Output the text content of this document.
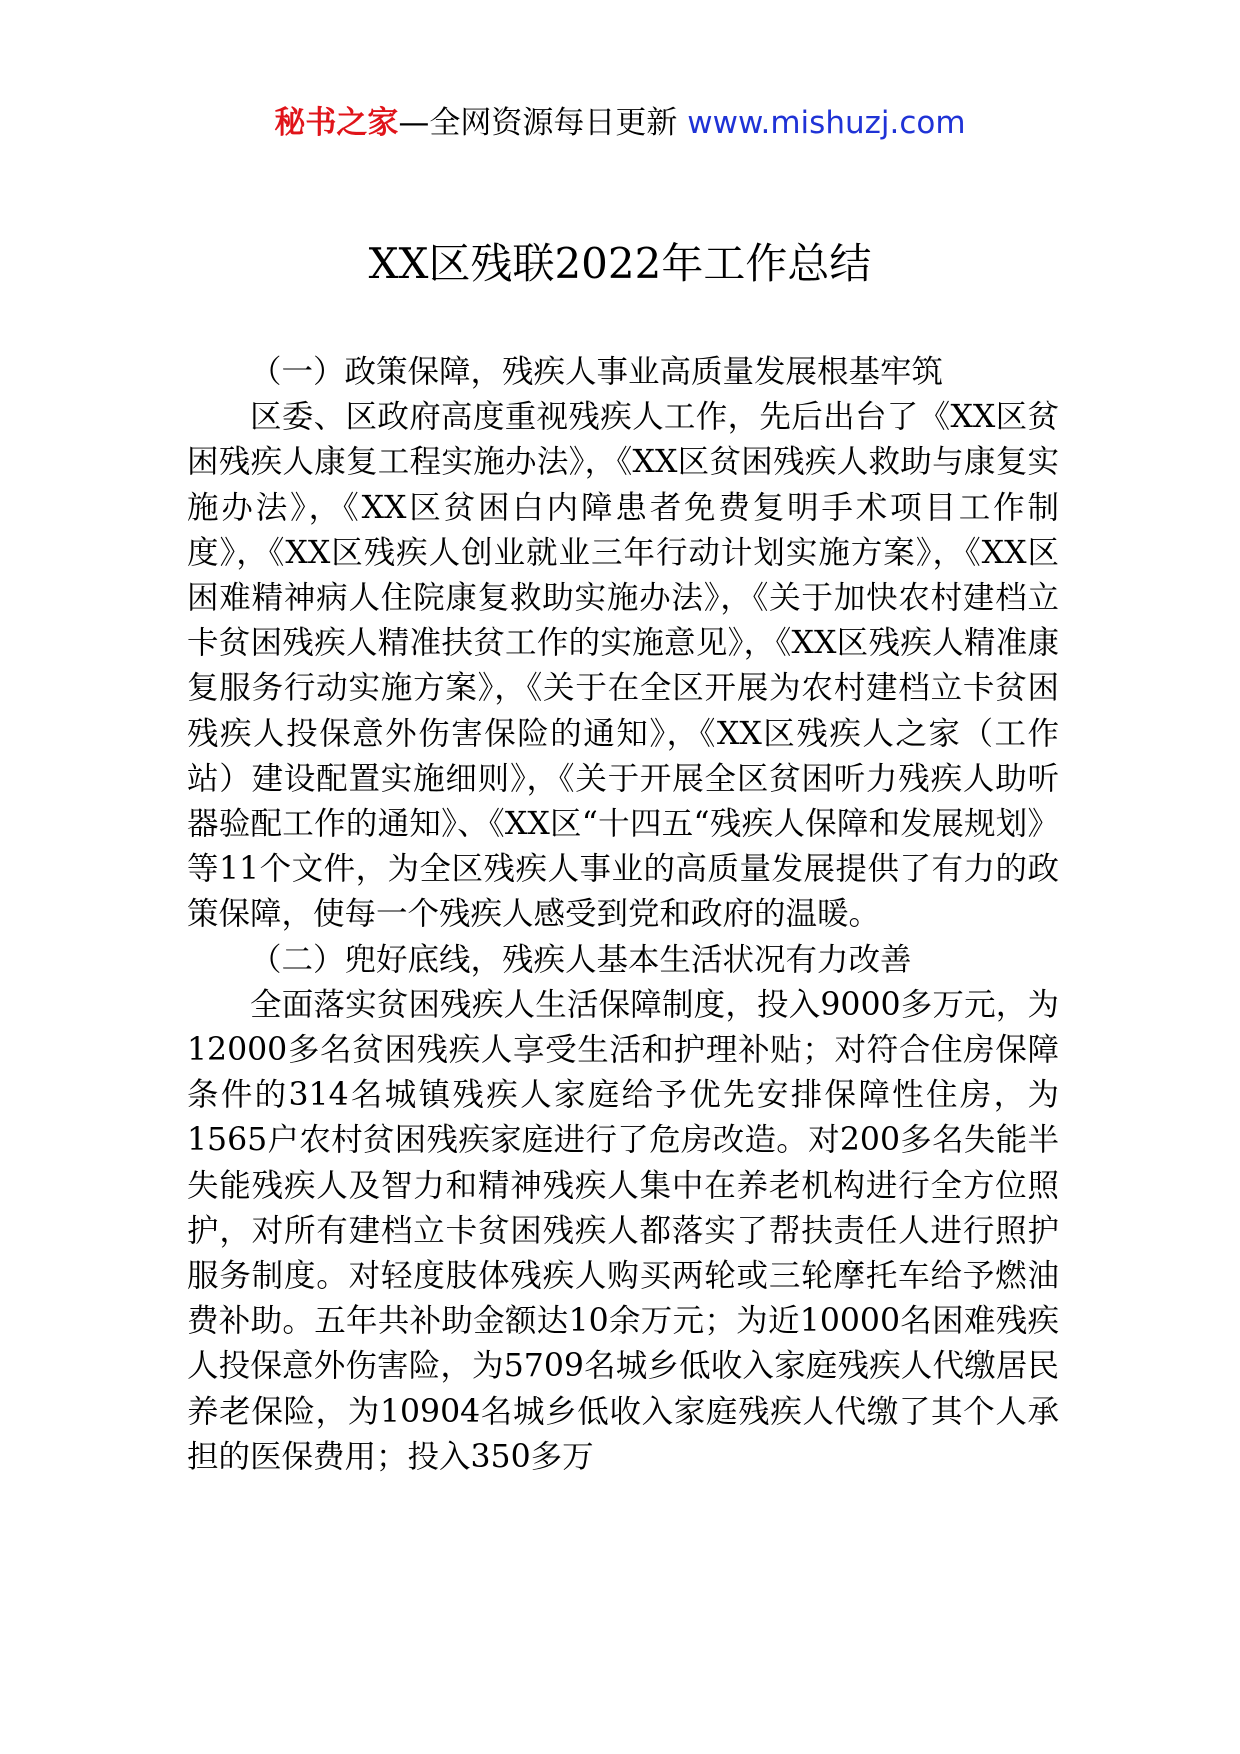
秘书之家—全网资源每日更新 www.mishuzj.com
XX区残联2022年工作总结

（一）政策保障，残疾人事业高质量发展根基牢筑

区委、区政府高度重视残疾人工作，先后出台了《XX区贫困残疾人康复工程实施办法》，《XX区贫困残疾人救助与康复实施办法》，《XX区贫困白内障患者免费复明手术项目工作制度》，《XX区残疾人创业就业三年行动计划实施方案》，《XX区困难精神病人住院康复救助实施办法》，《关于加快农村建档立卡贫困残疾人精准扶贫工作的实施意见》，《XX区残疾人精准康复服务行动实施方案》，《关于在全区开展为农村建档立卡贫困残疾人投保意外伤害保险的通知》，《XX区残疾人之家（工作站）建设配置实施细则》，《关于开展全区贫困听力残疾人助听器验配工作的通知》、《XX区“十四五“残疾人保障和发展规划》等11个文件，为全区残疾人事业的高质量发展提供了有力的政策保障，使每一个残疾人感受到党和政府的温暖。

（二）兜好底线，残疾人基本生活状况有力改善

全面落实贫困残疾人生活保障制度，投入9000多万元，为12000多名贫困残疾人享受生活和护理补贴；对符合住房保障条件的314名城镇残疾人家庭给予优先安排保障性住房，为1565户农村贫困残疾家庭进行了危房改造。对200多名失能半失能残疾人及智力和精神残疾人集中在养老机构进行全方位照护，对所有建档立卡贫困残疾人都落实了帮扶责任人进行照护服务制度。对轻度肢体残疾人购买两轮或三轮摩托车给予燃油费补助。五年共补助金额达10余万元；为近10000名困难残疾人投保意外伤害险，为5709名城乡低收入家庭残疾人代缴居民养老保险，为10904名城乡低收入家庭残疾人代缴了其个人承担的医保费用；投入350多万
